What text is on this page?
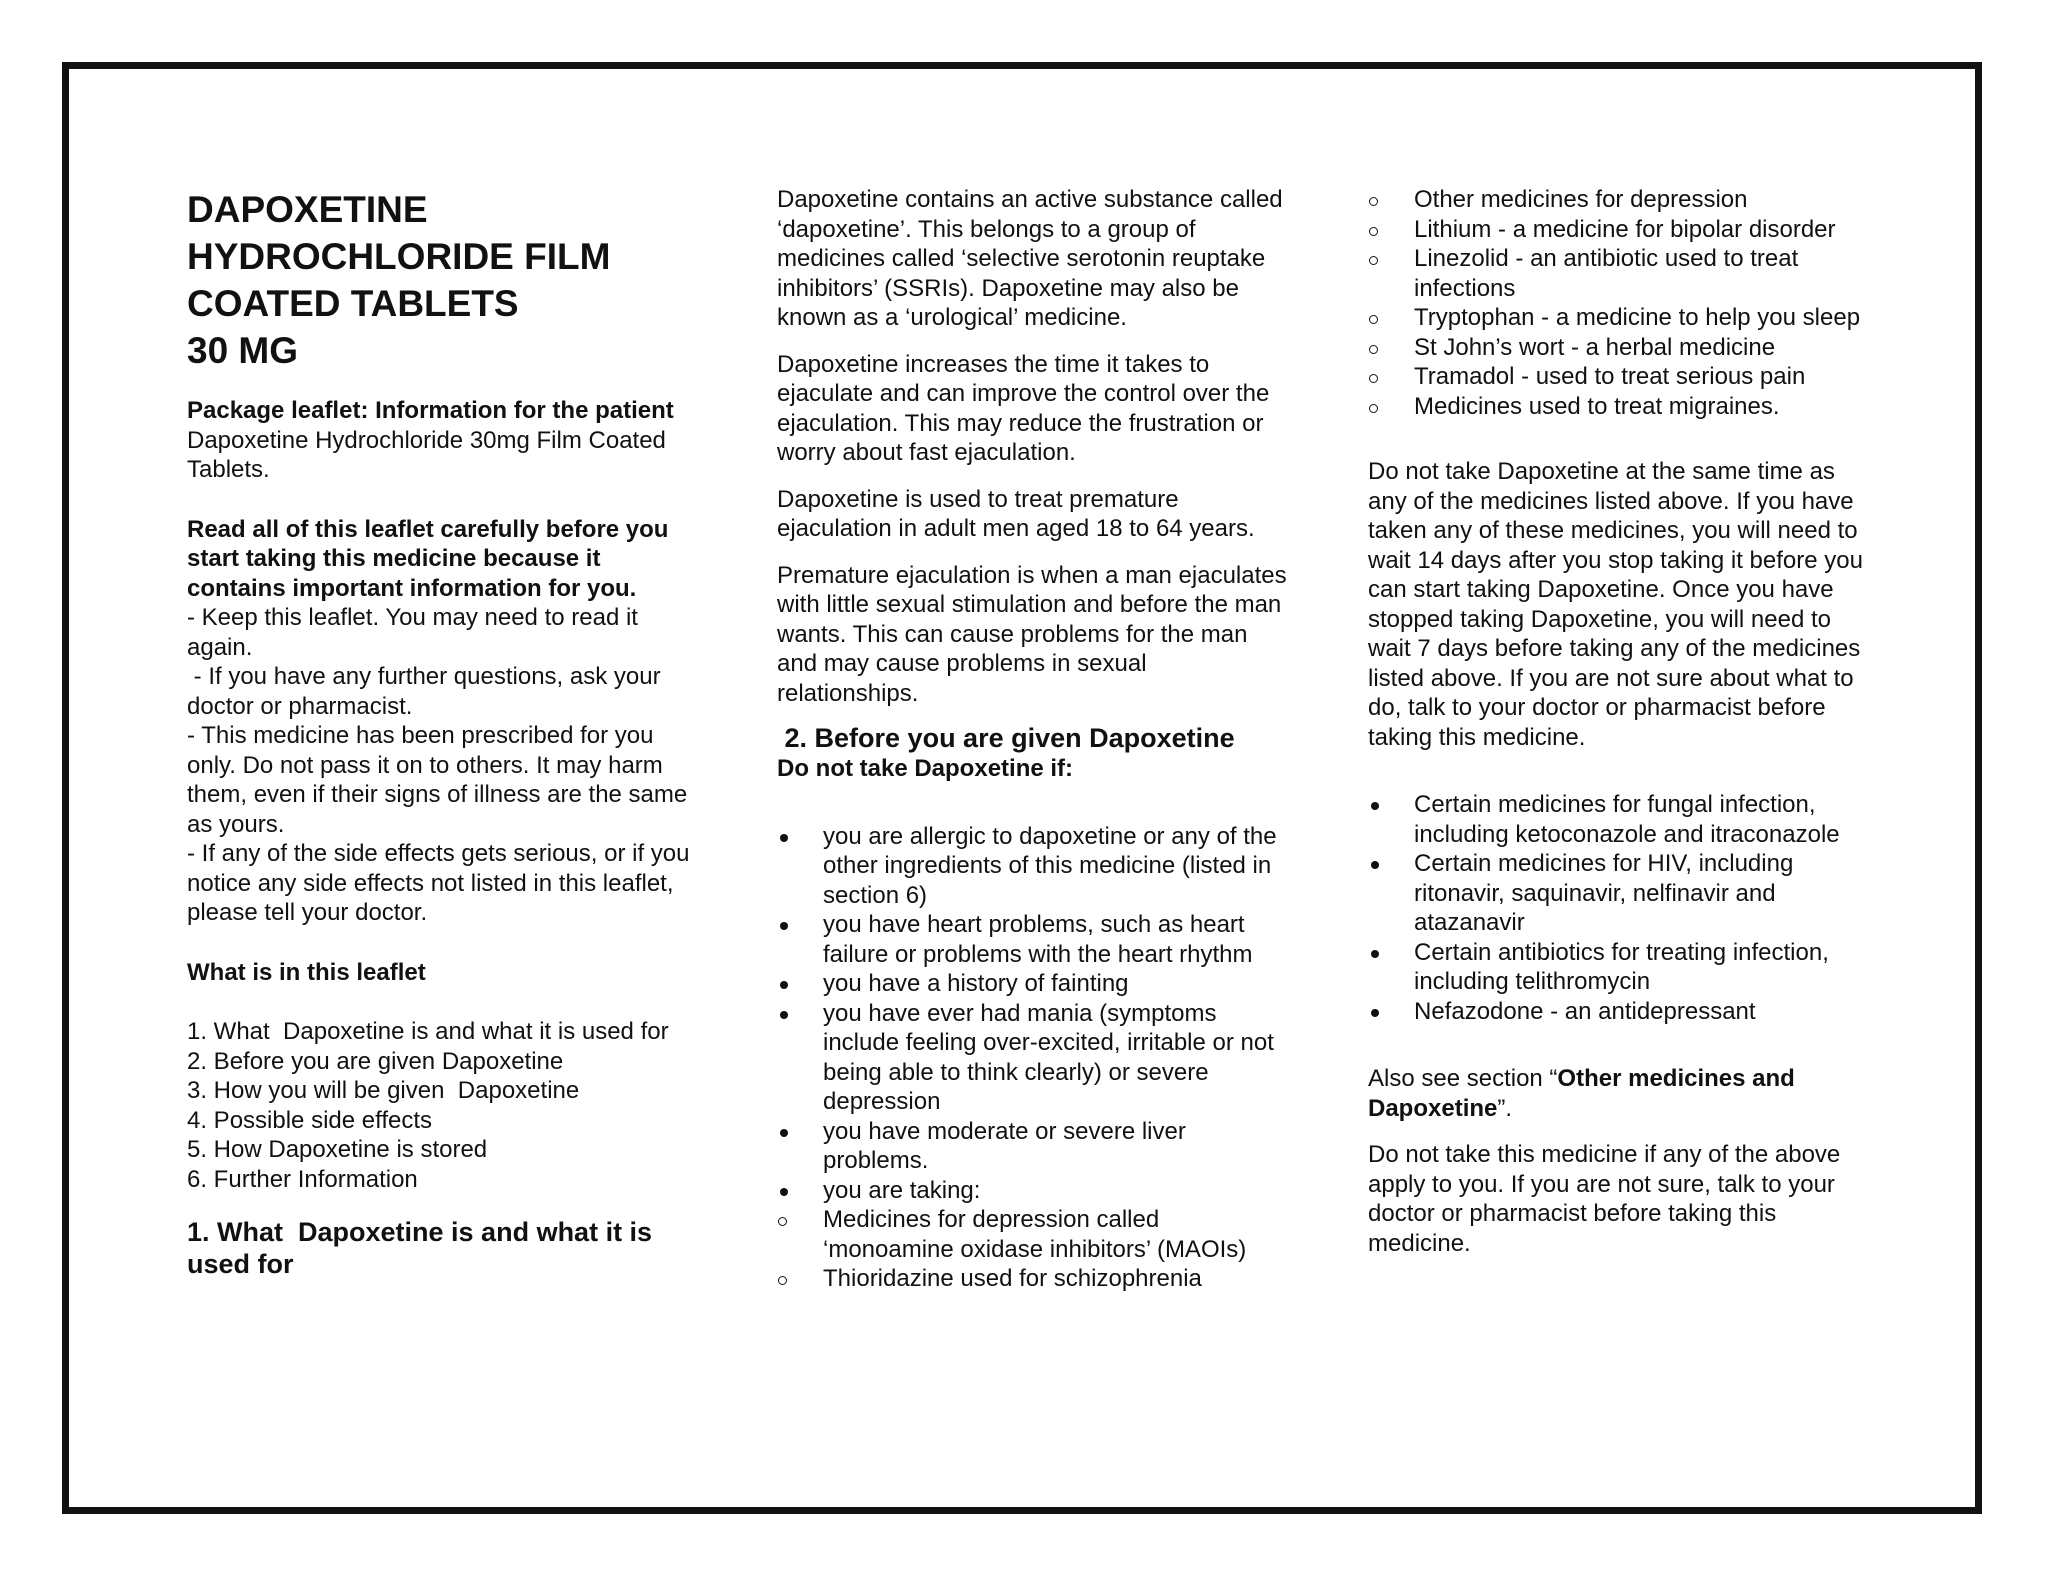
DAPOXETINE
HYDROCHLORIDE FILM
COATED TABLETS
30 MG

Package leaflet: Information for the patient

Dapoxetine Hydrochloride 30mg Film Coated Tablets.

Read all of this leaflet carefully before you start taking this medicine because it contains important information for you.

- Keep this leaflet. You may need to read it again.

- If you have any further questions, ask your doctor or pharmacist.

- This medicine has been prescribed for you only. Do not pass it on to others. It may harm them, even if their signs of illness are the same as yours.

- If any of the side effects gets serious, or if you notice any side effects not listed in this leaflet, please tell your doctor.

What is in this leaflet

1. What  Dapoxetine is and what it is used for

2. Before you are given Dapoxetine

3. How you will be given  Dapoxetine

4. Possible side effects

5. How Dapoxetine is stored

6. Further Information

1. What  Dapoxetine is and what it is used for

Dapoxetine contains an active substance called ‘dapoxetine’. This belongs to a group of medicines called ‘selective serotonin reuptake inhibitors’ (SSRIs). Dapoxetine may also be known as a ‘urological’ medicine.

Dapoxetine increases the time it takes to ejaculate and can improve the control over the ejaculation. This may reduce the frustration or worry about fast ejaculation.

Dapoxetine is used to treat premature ejaculation in adult men aged 18 to 64 years.

Premature ejaculation is when a man ejaculates with little sexual stimulation and before the man wants. This can cause problems for the man and may cause problems in sexual relationships.

2. Before you are given Dapoxetine

Do not take Dapoxetine if:

you are allergic to dapoxetine or any of the other ingredients of this medicine (listed in section 6)
you have heart problems, such as heart failure or problems with the heart rhythm
you have a history of fainting
you have ever had mania (symptoms include feeling over-excited, irritable or not being able to think clearly) or severe depression
you have moderate or severe liver problems.
you are taking:
Medicines for depression called ‘monoamine oxidase inhibitors’ (MAOIs)
Thioridazine used for schizophrenia
Other medicines for depression
Lithium - a medicine for bipolar disorder
Linezolid - an antibiotic used to treat infections
Tryptophan - a medicine to help you sleep
St John’s wort - a herbal medicine
Tramadol - used to treat serious pain
Medicines used to treat migraines.

Do not take Dapoxetine at the same time as any of the medicines listed above. If you have taken any of these medicines, you will need to wait 14 days after you stop taking it before you can start taking Dapoxetine. Once you have stopped taking Dapoxetine, you will need to wait 7 days before taking any of the medicines listed above. If you are not sure about what to do, talk to your doctor or pharmacist before taking this medicine.

Certain medicines for fungal infection, including ketoconazole and itraconazole
Certain medicines for HIV, including ritonavir, saquinavir, nelfinavir and atazanavir
Certain antibiotics for treating infection, including telithromycin
Nefazodone - an antidepressant

Also see section “Other medicines and Dapoxetine”.

Do not take this medicine if any of the above apply to you. If you are not sure, talk to your doctor or pharmacist before taking this medicine.
